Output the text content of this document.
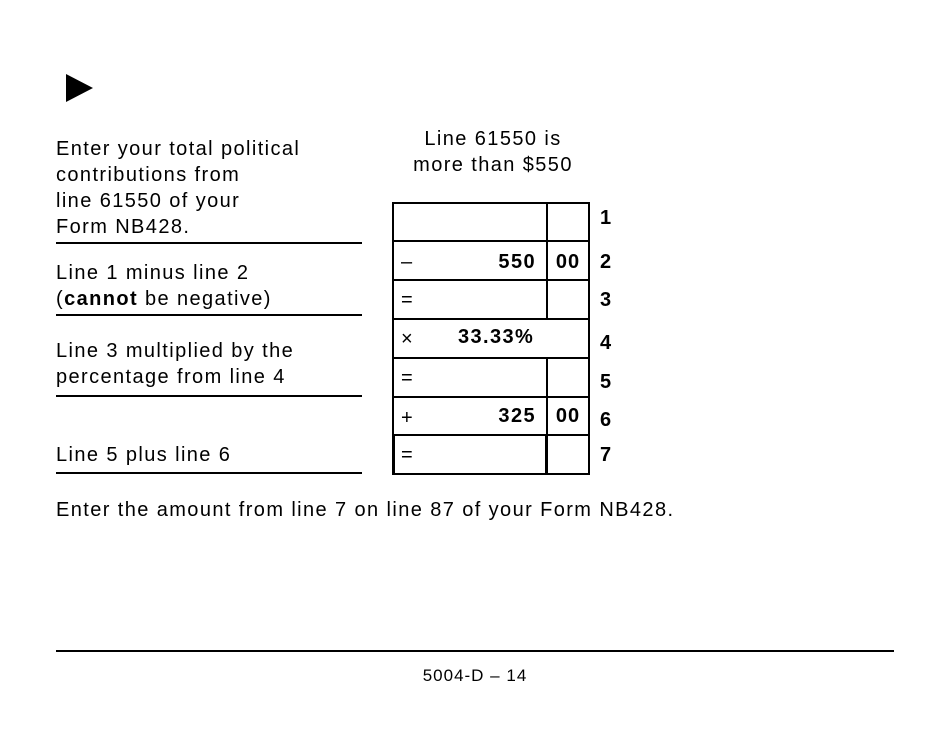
Line 61550 is
more than $550
Enter your total political
contributions from
line 61550 of your
Form NB428.
Line 1 minus line 2
(cannot be negative)
Line 3 multiplied by the
percentage from line 4
Line 5 plus line 6
1
–	550 00 2
=	3
× 33.33%	4
=	5
+	325 00 6
=	7
Enter the amount from line 7 on line 87 of your Form NB428.
5004-D – 14
